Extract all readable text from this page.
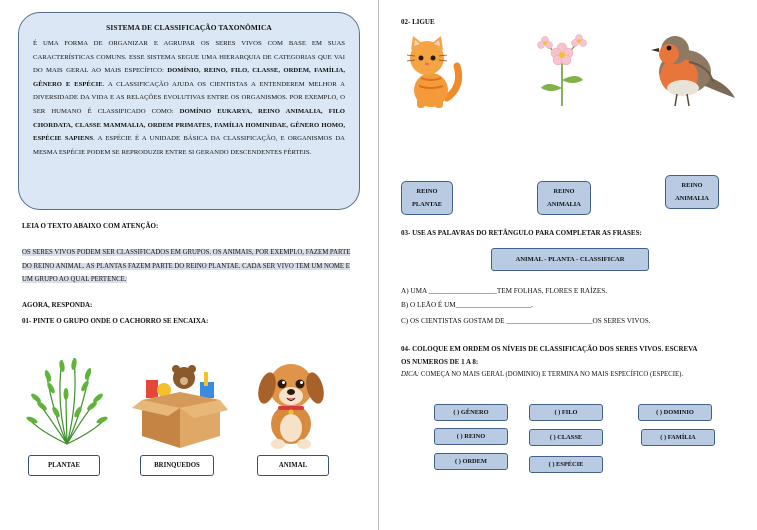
SISTEMA DE CLASSIFICAÇÃO TAXONÔMICA
É UMA FORMA DE ORGANIZAR E AGRUPAR OS SERES VIVOS COM BASE EM SUAS CARACTERÍSTICAS COMUNS. ESSE SISTEMA SEGUE UMA HIERARQUIA DE CATEGORIAS QUE VAI DO MAIS GERAL AO MAIS ESPECÍFICO: DOMÍNIO, REINO, FILO, CLASSE, ORDEM, FAMÍLIA, GÊNERO E ESPÉCIE. A CLASSIFICAÇÃO AJUDA OS CIENTISTAS A ENTENDEREM MELHOR A DIVERSIDADE DA VIDA E AS RELAÇÕES EVOLUTIVAS ENTRE OS ORGANISMOS. POR EXEMPLO, O SER HUMANO É CLASSIFICADO COMO: DOMÍNIO EUKARYA, REINO ANIMALIA, FILO CHORDATA, CLASSE MAMMALIA, ORDEM PRIMATES, FAMÍLIA HOMINIDAE, GÊNERO HOMO, ESPÉCIE SAPIENS. A ESPÉCIE É A UNIDADE BÁSICA DA CLASSIFICAÇÃO, E ORGANISMOS DA MESMA ESPÉCIE PODEM SE REPRODUZIR ENTRE SI GERANDO DESCENDENTES FÉRTEIS.
LEIA O TEXTO ABAIXO COM ATENÇÃO:
OS SERES VIVOS PODEM SER CLASSIFICADOS EM GRUPOS. OS ANIMAIS, POR EXEMPLO, FAZEM PARTE DO REINO ANIMAL. AS PLANTAS FAZEM PARTE DO REINO PLANTAE. CADA SER VIVO TEM UM NOME E UM GRUPO AO QUAL PERTENCE.
AGORA, RESPONDA:
01- PINTE O GRUPO ONDE O CACHORRO SE ENCAIXA:
PLANTAE	BRINQUEDOS	ANIMAL
02- LIGUE
REINO
PLANTAE
REINO
ANIMALIA
REINO
ANIMALIA
03- USE AS PALAVRAS DO RETÂNGULO PARA COMPLETAR AS FRASES:
ANIMAL - PLANTA - CLASSIFICAR
A) UMA ___________________TEM FOLHAS, FLORES E RAÍZES.
B) O LEÃO É UM_____________________.
C) OS CIENTISTAS GOSTAM DE ________________________OS SERES VIVOS.
04- COLOQUE EM ORDEM OS NÍVEIS DE CLASSIFICAÇÃO DOS SERES VIVOS. ESCREVA
OS NUMEROS DE 1 A 8:
DICA: COMEÇA NO MAIS GERAL (DOMINIO) E TERMINA NO MAIS ESPECÍFICO (ESPECIE).
( ) GÊNERO	( ) FILO	( ) DOMINIO
( ) REINO	( ) CLASSE	( ) FAMÍLIA
( ) ORDEM	( ) ESPÉCIE
